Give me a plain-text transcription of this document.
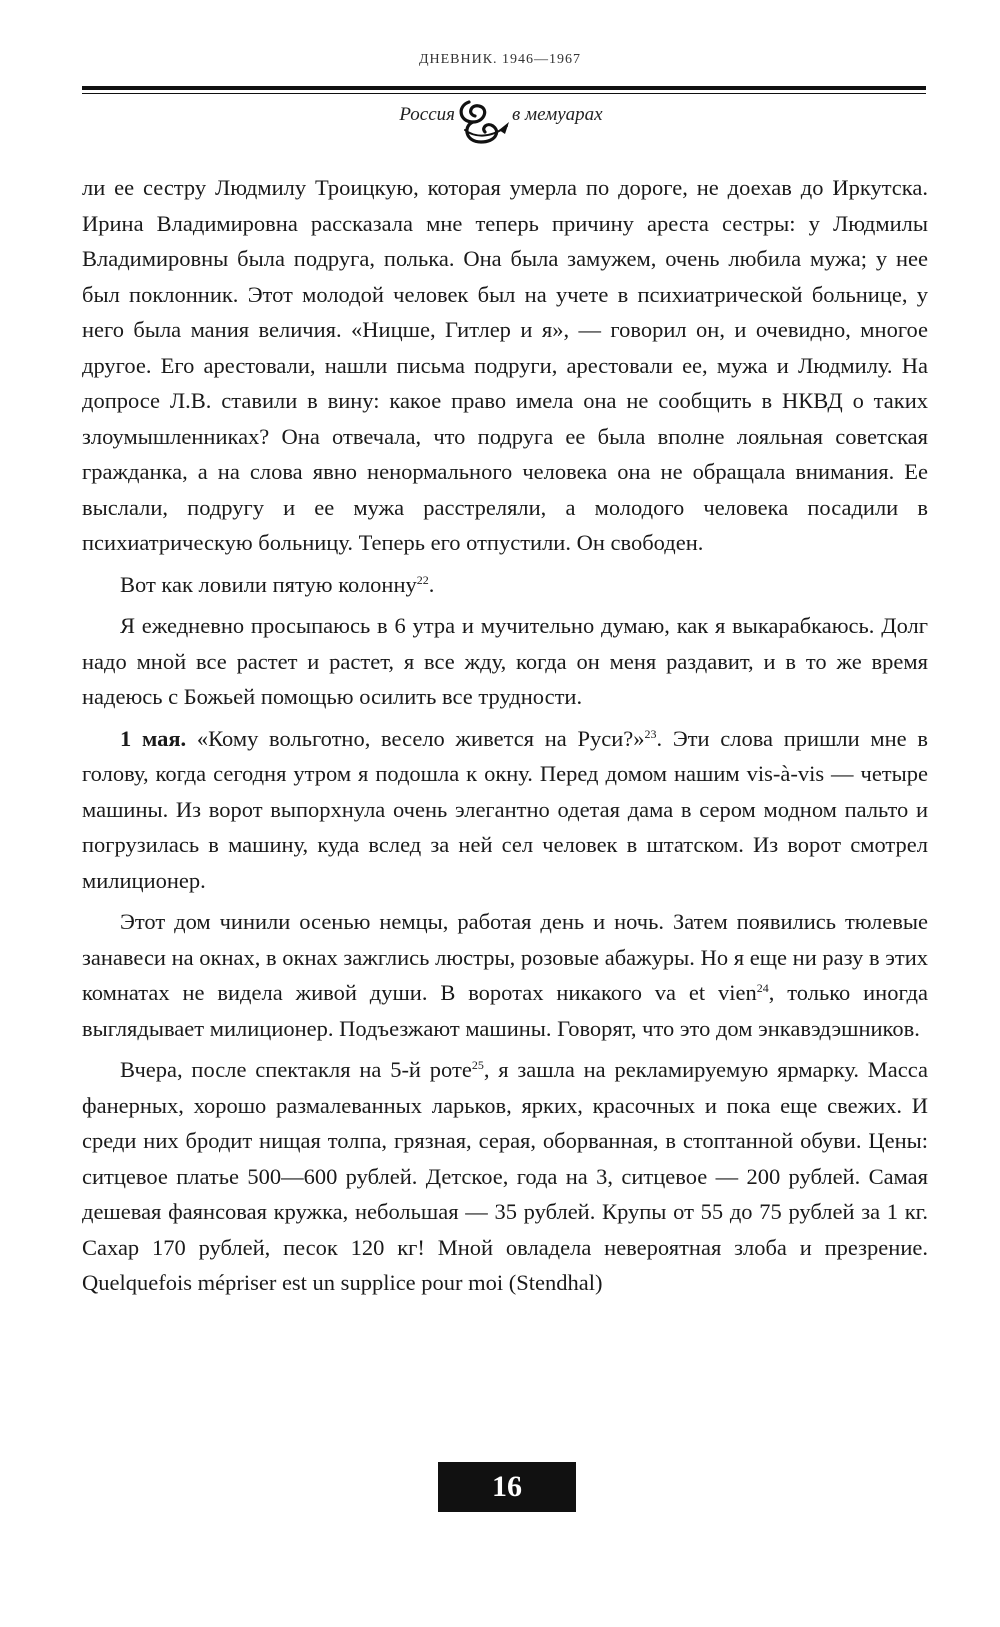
ДНЕВНИК. 1946—1967
Россия	в мемуарах

ли ее сестру Людмилу Троицкую, которая умерла по дороге, не доехав до Иркутска. Ирина Владимировна рассказала мне теперь причину ареста сестры: у Людмилы Владимировны была подруга, полька. Она была замужем, очень любила мужа; у нее был поклонник. Этот молодой человек был на учете в психиатрической больнице, у него была мания величия. «Ницше, Гитлер и я», — говорил он, и очевидно, многое другое. Его арестовали, нашли письма подруги, арестовали ее, мужа и Людмилу. На допросе Л.В. ставили в вину: какое право имела она не сообщить в НКВД о таких злоумышленниках? Она отвечала, что подруга ее была вполне лояльная советская гражданка, а на слова явно ненормального человека она не обращала внимания. Ее выслали, подругу и ее мужа расстреляли, а молодого человека посадили в психиатрическую больницу. Теперь его отпустили. Он свободен.

Вот как ловили пятую колонну$^{22}$.

Я ежедневно просыпаюсь в 6 утра и мучительно думаю, как я выкарабкаюсь. Долг надо мной все растет и растет, я все жду, когда он меня раздавит, и в то же время надеюсь с Божьей помощью осилить все трудности.

1 мая. «Кому вольготно, весело живется на Руси?»$^{23}$. Эти слова пришли мне в голову, когда сегодня утром я подошла к окну. Перед домом нашим vis-à-vis — четыре машины. Из ворот выпорхнула очень элегантно одетая дама в сером модном пальто и погрузилась в машину, куда вслед за ней сел человек в штатском. Из ворот смотрел милиционер.

Этот дом чинили осенью немцы, работая день и ночь. Затем появились тюлевые занавеси на окнах, в окнах зажглись люстры, розовые абажуры. Но я еще ни разу в этих комнатах не видела живой души. В воротах никакого va et vien$^{24}$, только иногда выглядывает милиционер. Подъезжают машины. Говорят, что это дом энкавэдэшников.

Вчера, после спектакля на 5-й роте$^{25}$, я зашла на рекламируемую ярмарку. Масса фанерных, хорошо размалеванных ларьков, ярких, красочных и пока еще свежих. И среди них бродит нищая толпа, грязная, серая, оборванная, в стоптанной обуви. Цены: ситцевое платье 500—600 рублей. Детское, года на 3, ситцевое — 200 рублей. Самая дешевая фаянсовая кружка, небольшая — 35 рублей. Крупы от 55 до 75 рублей за 1 кг. Сахар 170 рублей, песок 120 кг! Мной овладела невероятная злоба и презрение. Quelquefois mépriser est un supplice pour moi (Stendhal)

16
